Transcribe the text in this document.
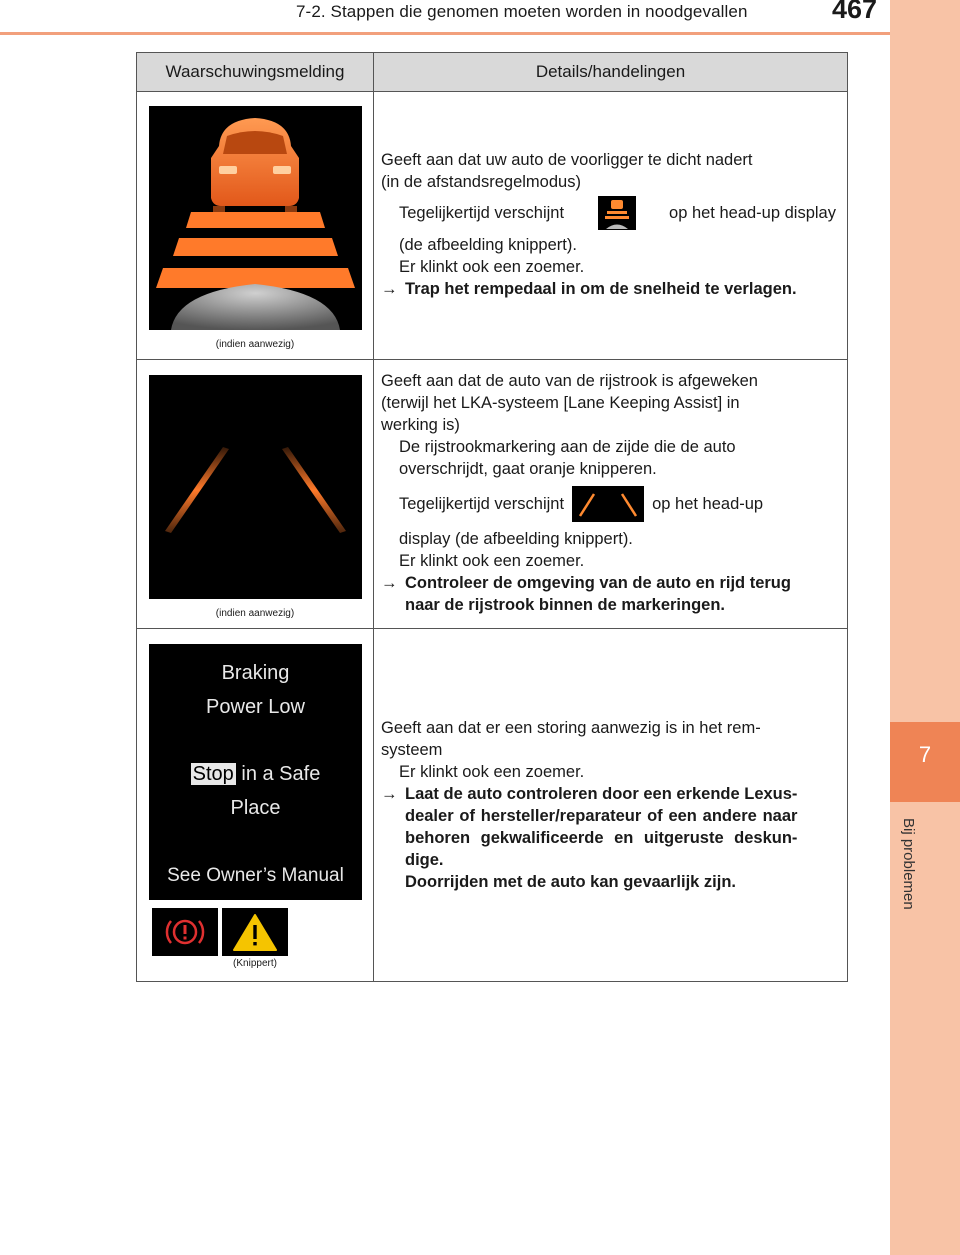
7-2. Stappen die genomen moeten worden in noodgevallen	467
7
Bij problemen
Waarschuwingsmelding	Details/handelingen
(indien aanwezig)

Geeft aan dat uw auto de voorligger te dicht nadert

(in de afstandsregelmodus)

Tegelijkertijd verschijnt	op het head-up display

(de afbeelding knippert).

Er klinkt ook een zoemer.

→ Trap het rempedaal in om de snelheid te verlagen.
(indien aanwezig)

Geeft aan dat de auto van de rijstrook is afgeweken

(terwijl het LKA-systeem [Lane Keeping Assist] in

werking is)

De rijstrookmarkering aan de zijde die de auto

overschrijdt, gaat oranje knipperen.

Tegelijkertijd verschijnt	op het head-up

display (de afbeelding knippert).

Er klinkt ook een zoemer.

→ Controleer de omgeving van de auto en rijd terug
naar de rijstrook binnen de markeringen.
Braking
Power Low
Stop in a Safe
Place
See Owner’s Manual
(Knippert)

Geeft aan dat er een storing aanwezig is in het rem-

systeem

Er klinkt ook een zoemer.

→ Laat de auto controleren door een erkende Lexus-
dealer of hersteller/reparateur of een andere naar
behoren gekwalificeerde en uitgeruste deskun-
dige.
Doorrijden met de auto kan gevaarlijk zijn.
